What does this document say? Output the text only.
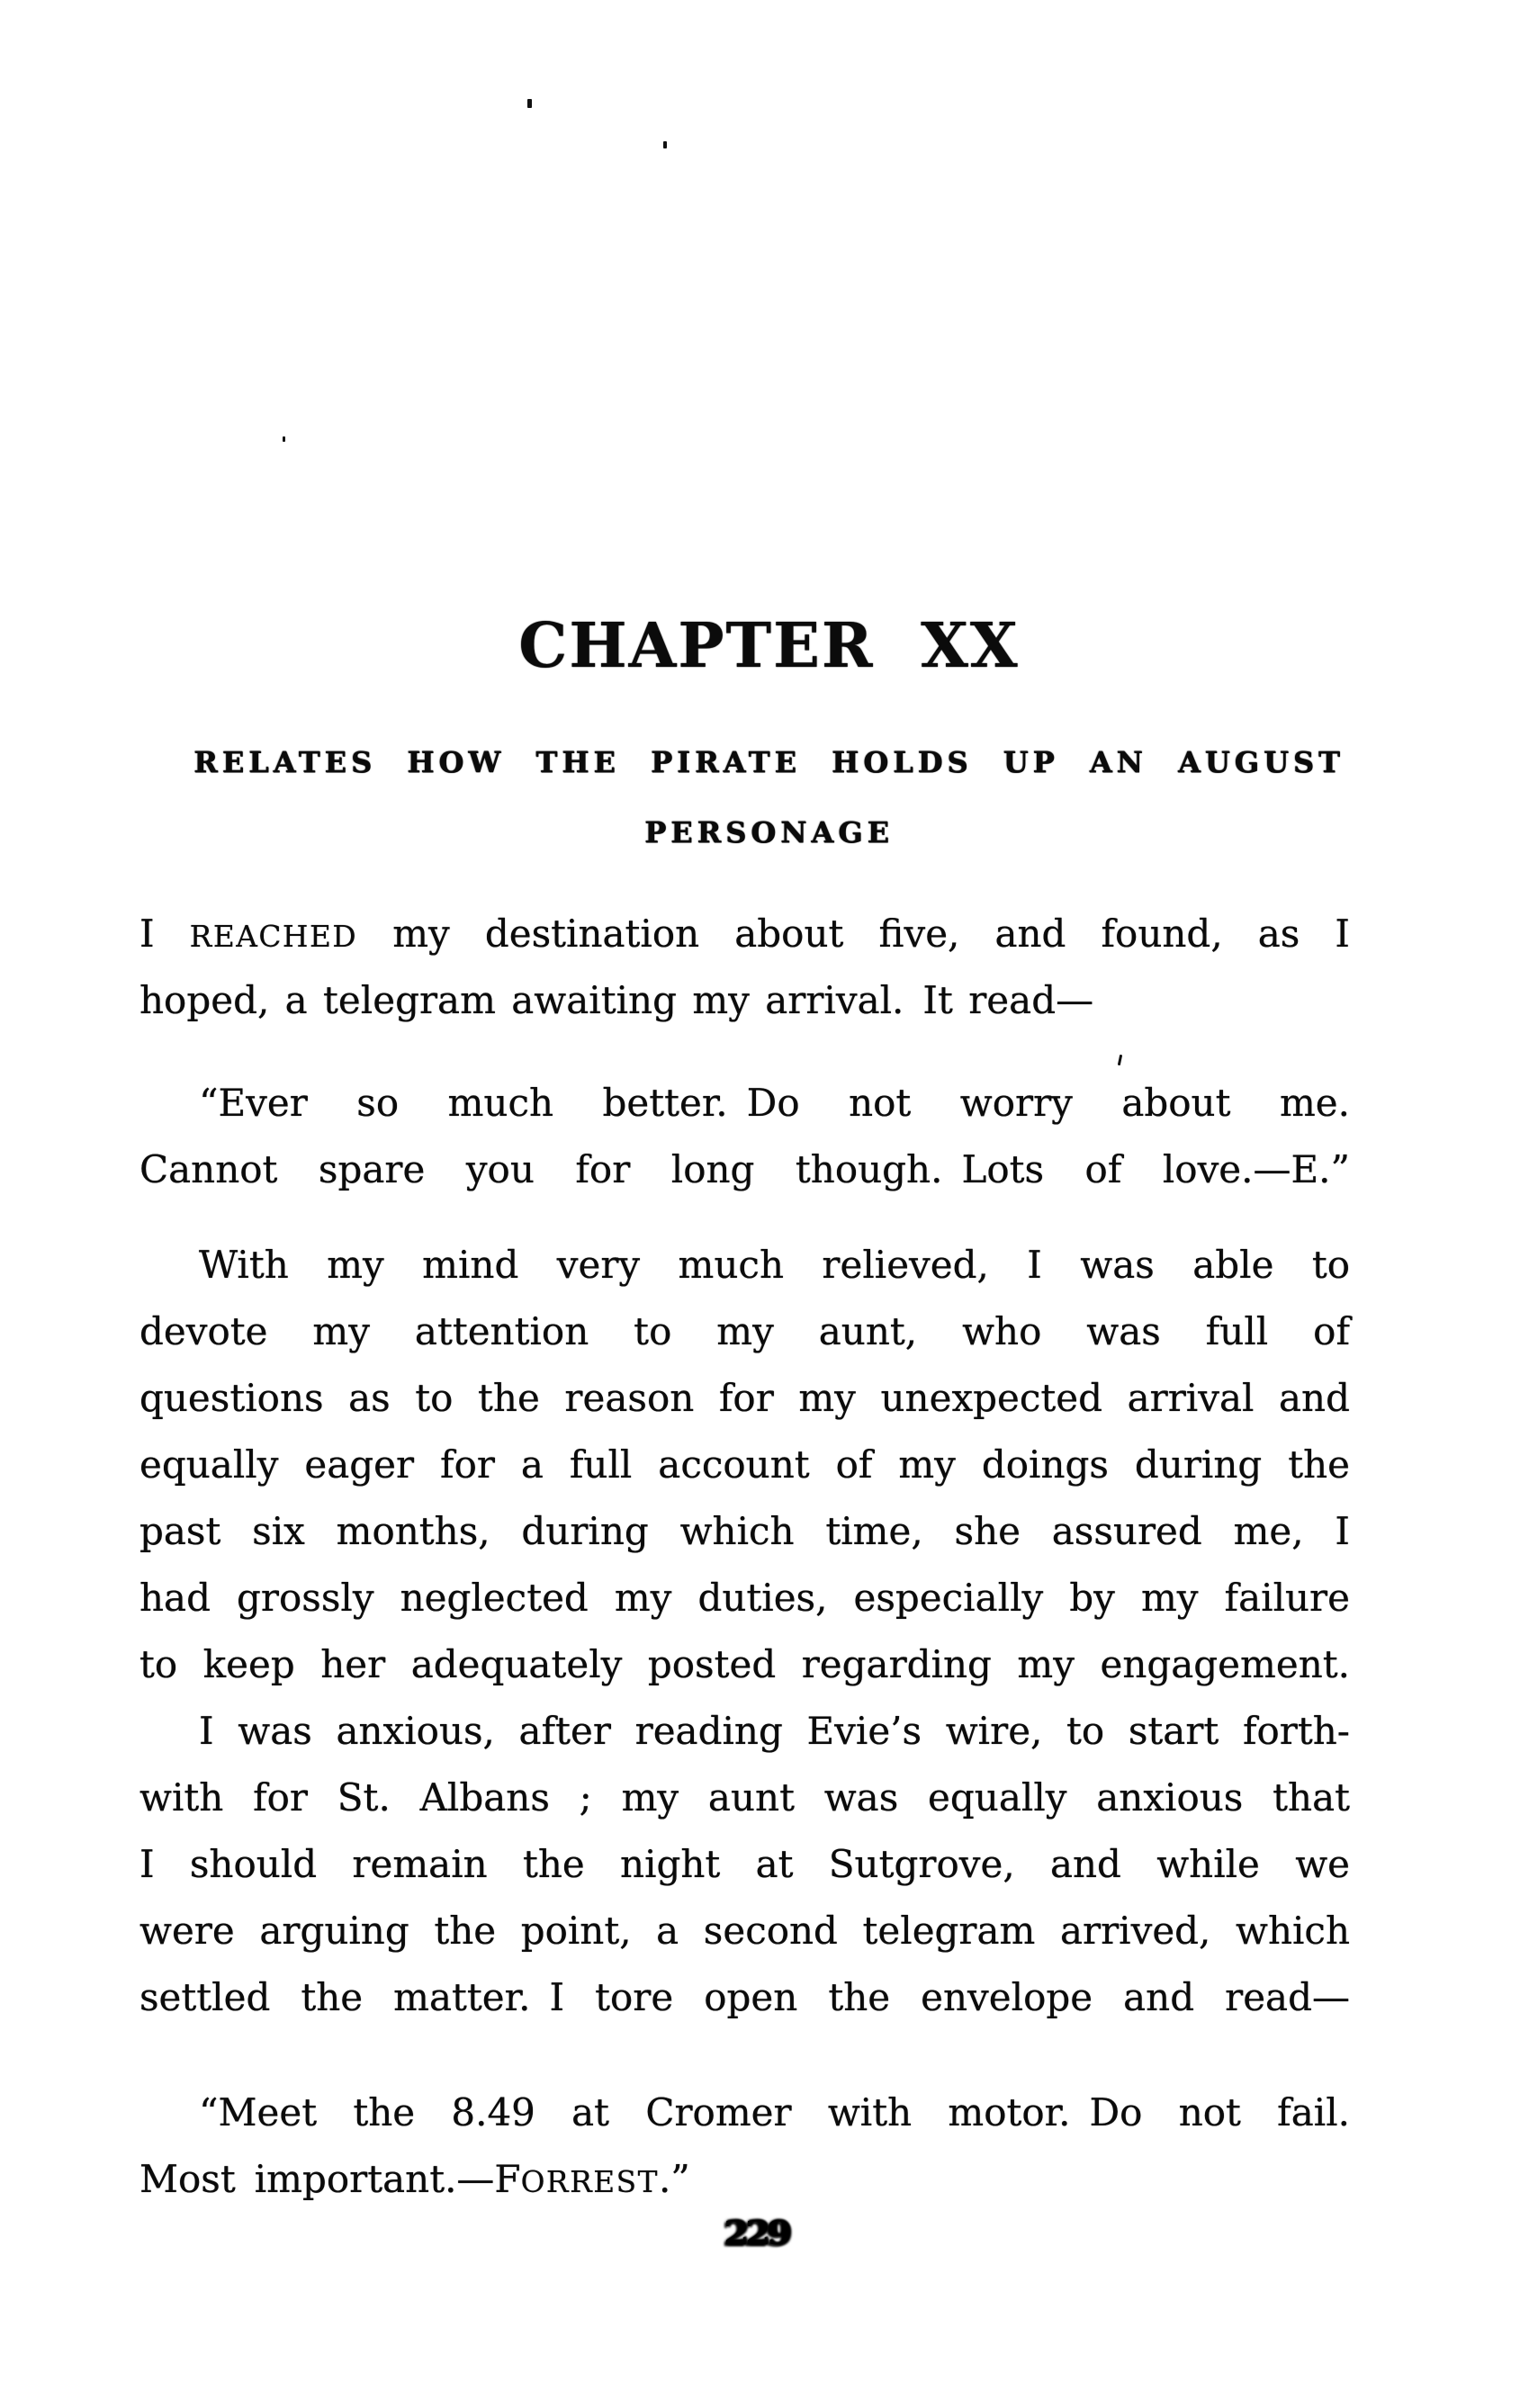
CHAPTER XX
RELATES HOW THE PIRATE HOLDS UP AN AUGUST
PERSONAGE
I REACHED my destination about five, and found, as I
hoped, a telegram awaiting my arrival. It read—
“Ever so much better. Do not worry about me.
Cannot spare you for long though. Lots of love.—E.”
With my mind very much relieved, I was able to
devote my attention to my aunt, who was full of
questions as to the reason for my unexpected arrival and
equally eager for a full account of my doings during the
past six months, during which time, she assured me, I
had grossly neglected my duties, especially by my failure
to keep her adequately posted regarding my engagement.
I was anxious, after reading Evie’s wire, to start forth-
with for St. Albans ; my aunt was equally anxious that
I should remain the night at Sutgrove, and while we
were arguing the point, a second telegram arrived, which
settled the matter. I tore open the envelope and read—
“Meet the 8.49 at Cromer with motor. Do not fail.
Most important.—FORREST.”
229
